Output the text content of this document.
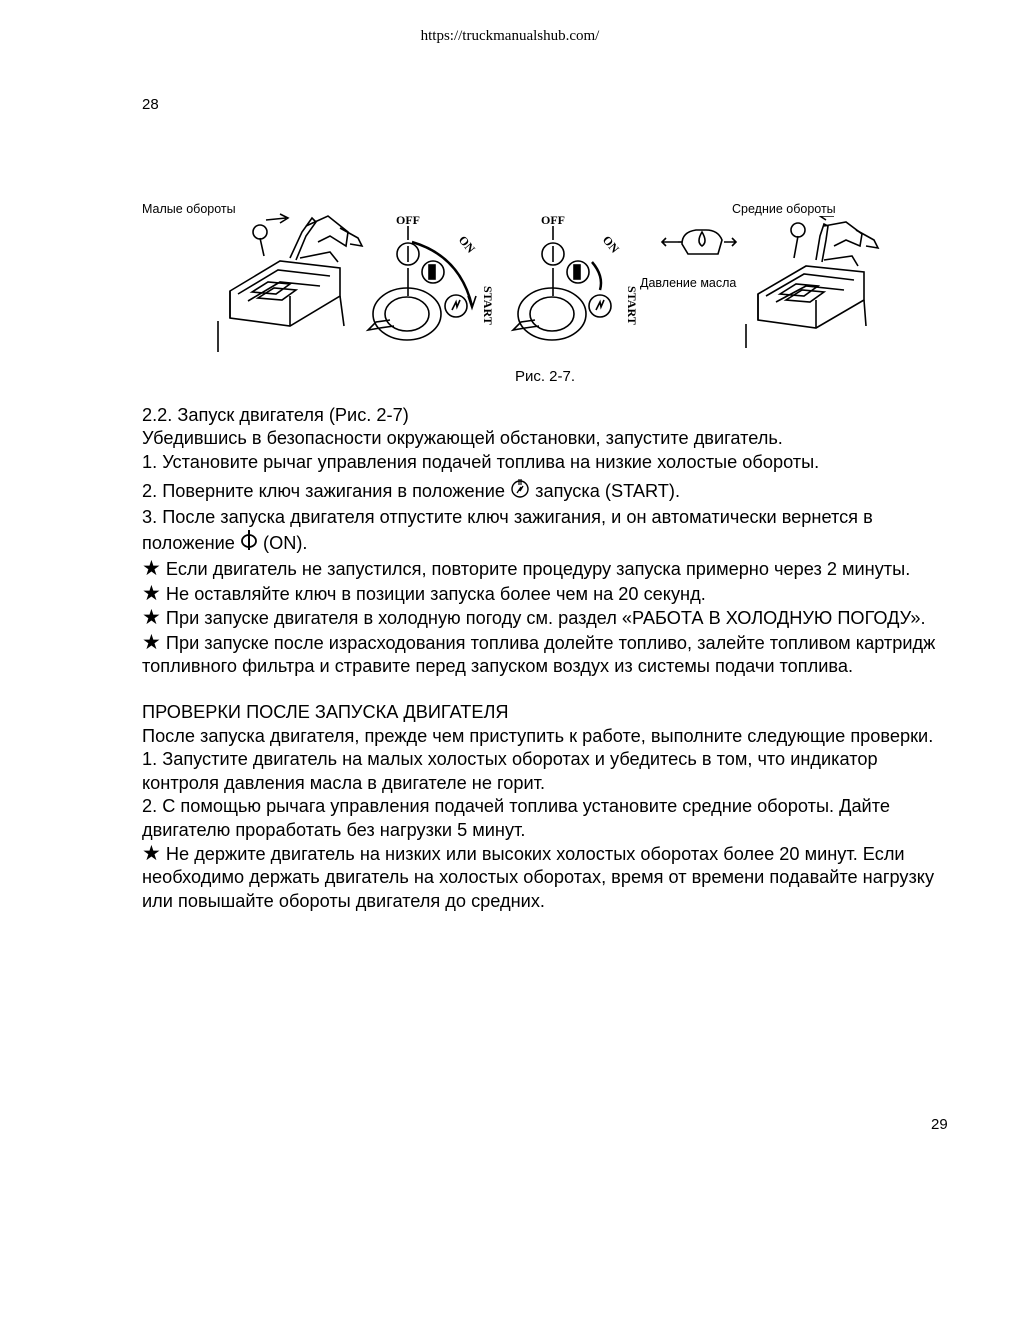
https://truckmanualshub.com/
28
OFF
ON
START
OFF
ON
START
Малые обороты	Средние обороты
Давление масла
Рис. 2-7.

2.2. Запуск двигателя (Рис. 2-7)

Убедившись в безопасности окружающей обстановки, запустите двигатель.

1. Установите рычаг управления подачей топлива на низкие холостые обороты.

2. Поверните ключ зажигания в положение запуска (START).

3. После запуска двигателя отпустите ключ зажигания, и он автоматически вернется в положение (ON).

★ Если двигатель не запустился, повторите процедуру запуска примерно через 2 минуты.

★ Не оставляйте ключ в позиции запуска более чем на 20 секунд.

★ При запуске двигателя в холодную погоду см. раздел «РАБОТА В ХОЛОДНУЮ ПОГОДУ».

★ При запуске после израсходования топлива долейте топливо, залейте топливом картридж топливного фильтра и стравите перед запуском воздух из системы подачи топлива.

ПРОВЕРКИ ПОСЛЕ ЗАПУСКА ДВИГАТЕЛЯ

После запуска двигателя, прежде чем приступить к работе, выполните следующие проверки.

1. Запустите двигатель на малых холостых оборотах и убедитесь в том, что индикатор контроля давления масла в двигателе не горит.

2. С помощью рычага управления подачей топлива установите средние обороты. Дайте двигателю проработать без нагрузки 5 минут.

★ Не держите двигатель на низких или высоких холостых оборотах более 20 минут. Если необходимо держать двигатель на холостых оборотах, время от времени подавайте нагрузку или повышайте обороты двигателя до средних.

29
